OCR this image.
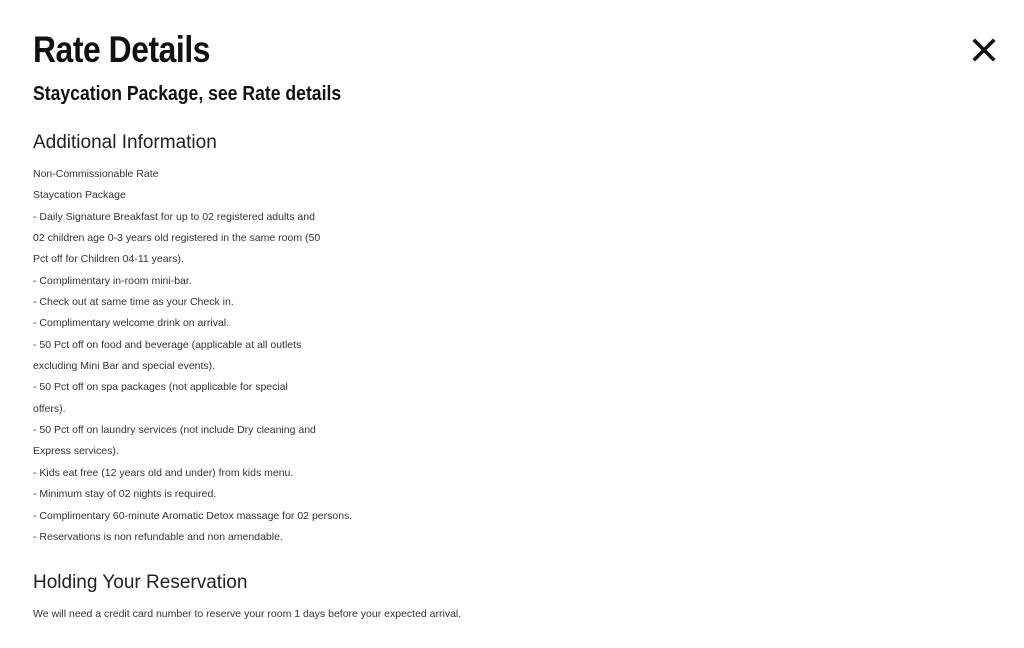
Rate Details
Staycation Package, see Rate details
Additional Information
Non-Commissionable Rate
Staycation Package
- Daily Signature Breakfast for up to 02 registered adults and
02 children age 0-3 years old registered in the same room (50
Pct off for Children 04-11 years).
- Complimentary in-room mini-bar.
- Check out at same time as your Check in.
- Complimentary welcome drink on arrival.
- 50 Pct off on food and beverage (applicable at all outlets
excluding Mini Bar and special events).
- 50 Pct off on spa packages (not applicable for special
offers).
- 50 Pct off on laundry services (not include Dry cleaning and
Express services).
- Kids eat free (12 years old and under) from kids menu.
- Minimum stay of 02 nights is required.
- Complimentary 60-minute Aromatic Detox massage for 02 persons.
- Reservations is non refundable and non amendable.
Holding Your Reservation

We will need a credit card number to reserve your room 1 days before your expected arrival.
